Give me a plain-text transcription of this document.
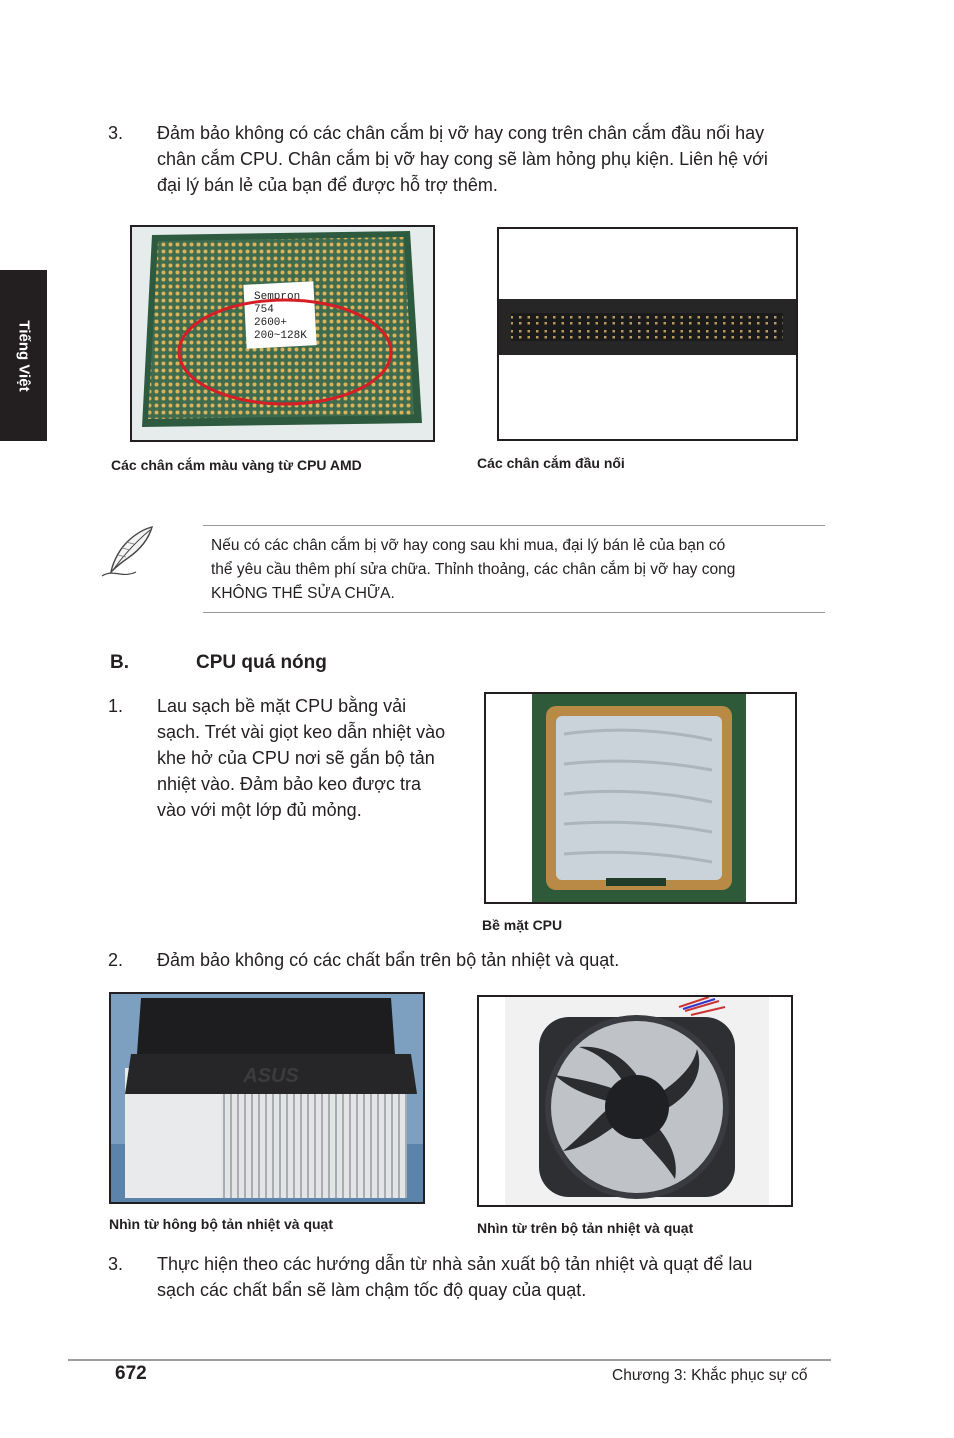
Tiếng Việt
3. Đảm bảo không có các chân cắm bị vỡ hay cong trên chân cắm đầu nối hay
chân cắm CPU. Chân cắm bị vỡ hay cong sẽ làm hỏng phụ kiện. Liên hệ với
đại lý bán lẻ của bạn để được hỗ trợ thêm.
Sempron
754
2600+
200~128K
Các chân cắm màu vàng từ CPU AMD	Các chân cắm đầu nối
Nếu có các chân cắm bị vỡ hay cong sau khi mua, đại lý bán lẻ của bạn có
thể yêu cầu thêm phí sửa chữa. Thỉnh thoảng, các chân cắm bị vỡ hay cong
KHÔNG THỂ SỬA CHỮA.
B.	CPU quá nóng
1. Lau sạch bề mặt CPU bằng vải
sạch. Trét vài giọt keo dẫn nhiệt vào
khe hở của CPU nơi sẽ gắn bộ tản
nhiệt vào. Đảm bảo keo được tra
vào với một lớp đủ mỏng.
Bề mặt CPU
2. Đảm bảo không có các chất bẩn trên bộ tản nhiệt và quạt.
ASUS
Nhìn từ hông bộ tản nhiệt và quạt	Nhìn từ trên bộ tản nhiệt và quạt
3. Thực hiện theo các hướng dẫn từ nhà sản xuất bộ tản nhiệt và quạt để lau
sạch các chất bẩn sẽ làm chậm tốc độ quay của quạt.
672	Chương 3: Khắc phục sự cố
